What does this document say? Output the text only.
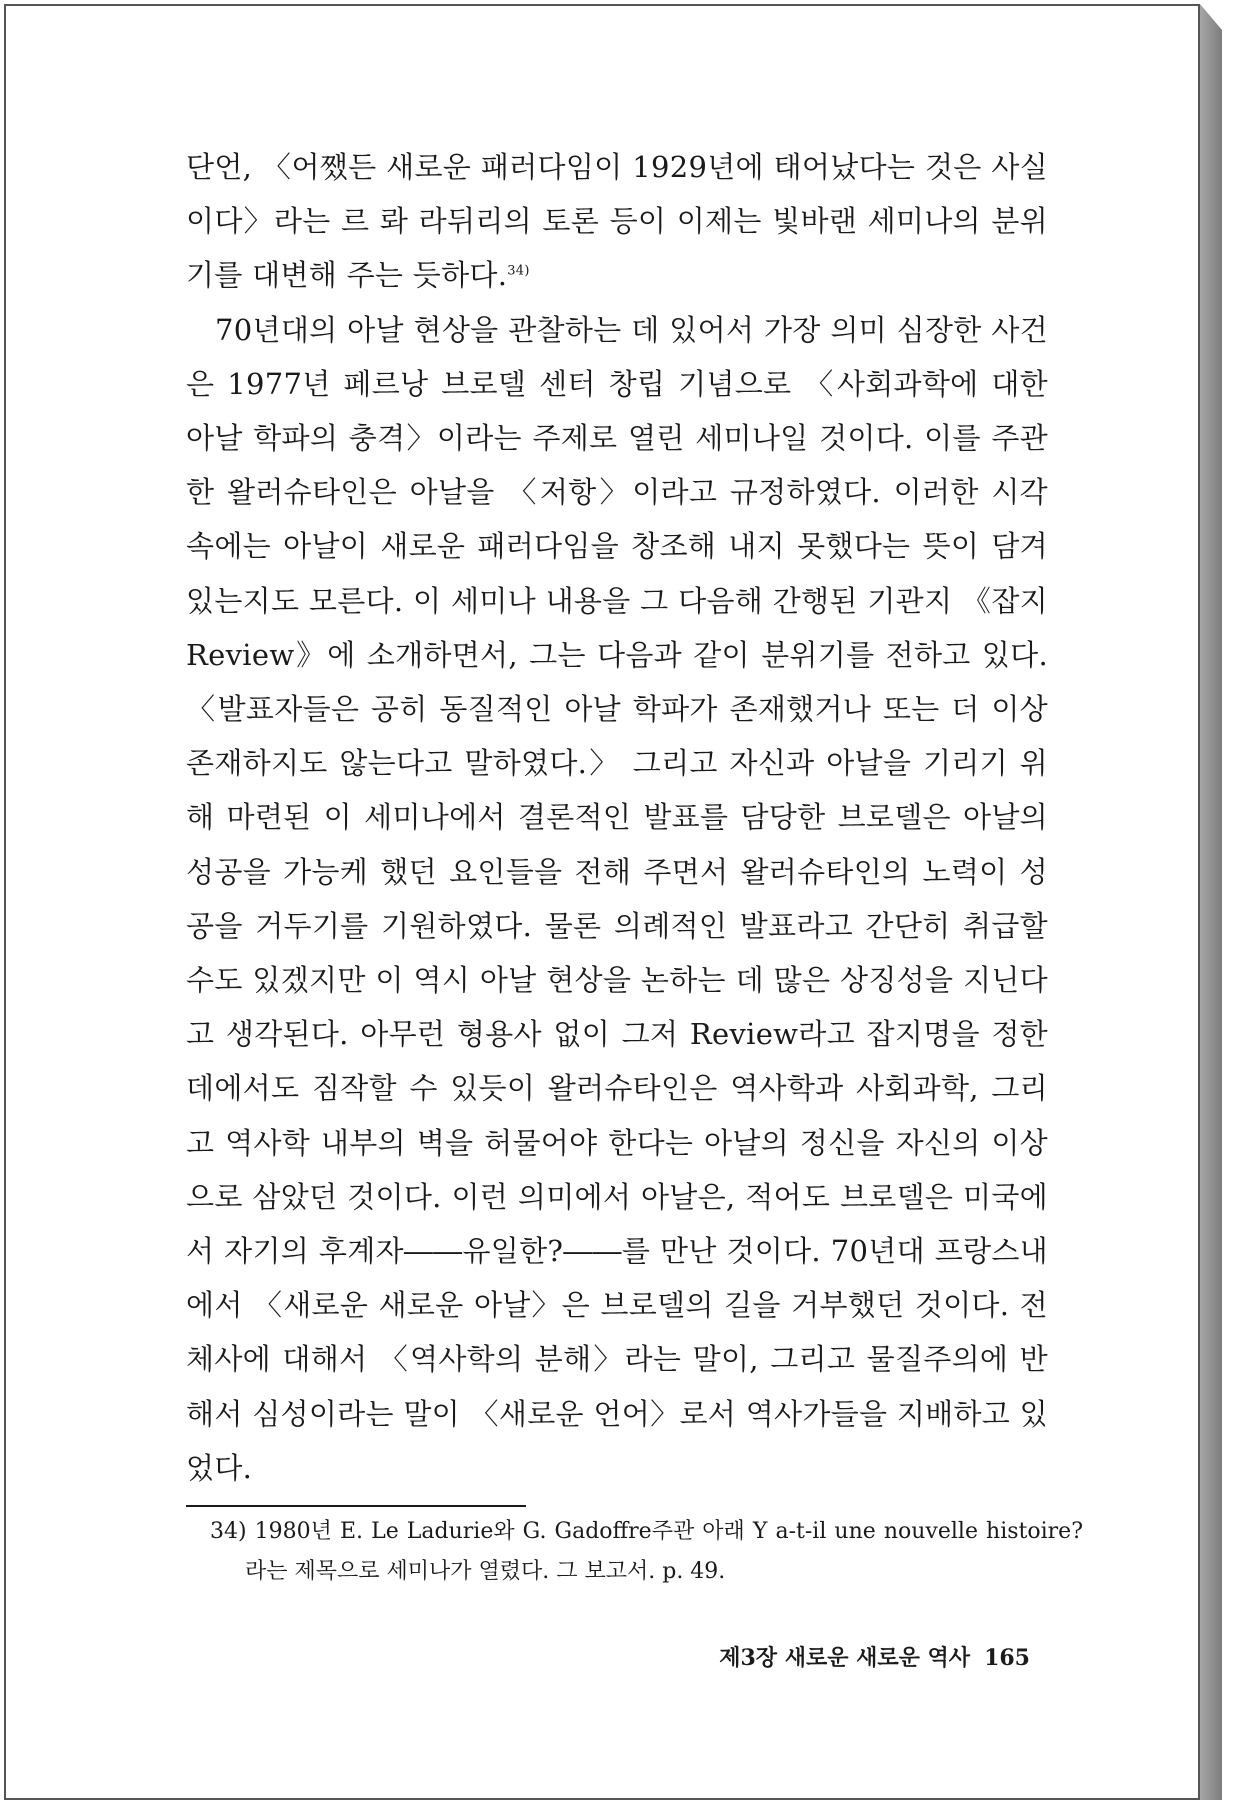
단언, 〈어쨌든 새로운 패러다임이 1929년에 태어났다는 것은 사실이다〉라는 르 롸 라뒤리의 토론 등이 이제는 빛바랜 세미나의 분위기를 대변해 주는 듯하다.$^{34)}$

70년대의 아날 현상을 관찰하는 데 있어서 가장 의미 심장한 사건은 1977년 페르낭 브로델 센터 창립 기념으로 〈사회과학에 대한 아날 학파의 충격〉이라는 주제로 열린 세미나일 것이다. 이를 주관한 왈러슈타인은 아날을 〈저항〉이라고 규정하였다. 이러한 시각 속에는 아날이 새로운 패러다임을 창조해 내지 못했다는 뜻이 담겨 있는지도 모른다. 이 세미나 내용을 그 다음해 간행된 기관지 《잡지 Review》에 소개하면서, 그는 다음과 같이 분위기를 전하고 있다. 〈발표자들은 공히 동질적인 아날 학파가 존재했거나 또는 더 이상 존재하지도 않는다고 말하였다.〉 그리고 자신과 아날을 기리기 위해 마련된 이 세미나에서 결론적인 발표를 담당한 브로델은 아날의 성공을 가능케 했던 요인들을 전해 주면서 왈러슈타인의 노력이 성공을 거두기를 기원하였다. 물론 의례적인 발표라고 간단히 취급할 수도 있겠지만 이 역시 아날 현상을 논하는 데 많은 상징성을 지닌다고 생각된다. 아무런 형용사 없이 그저 Review라고 잡지명을 정한 데에서도 짐작할 수 있듯이 왈러슈타인은 역사학과 사회과학, 그리고 역사학 내부의 벽을 허물어야 한다는 아날의 정신을 자신의 이상으로 삼았던 것이다. 이런 의미에서 아날은, 적어도 브로델은 미국에서 자기의 후계자――유일한?――를 만난 것이다. 70년대 프랑스내에서 〈새로운 새로운 아날〉은 브로델의 길을 거부했던 것이다. 전체사에 대해서 〈역사학의 분해〉라는 말이, 그리고 물질주의에 반해서 심성이라는 말이 〈새로운 언어〉로서 역사가들을 지배하고 있었다.

34) 1980년 E. Le Ladurie와 G. Gadoffre주관 아래 Y a-t-il une nouvelle histoire? 라는 제목으로 세미나가 열렸다. 그 보고서. p. 49.
제3장 새로운 새로운 역사 165
